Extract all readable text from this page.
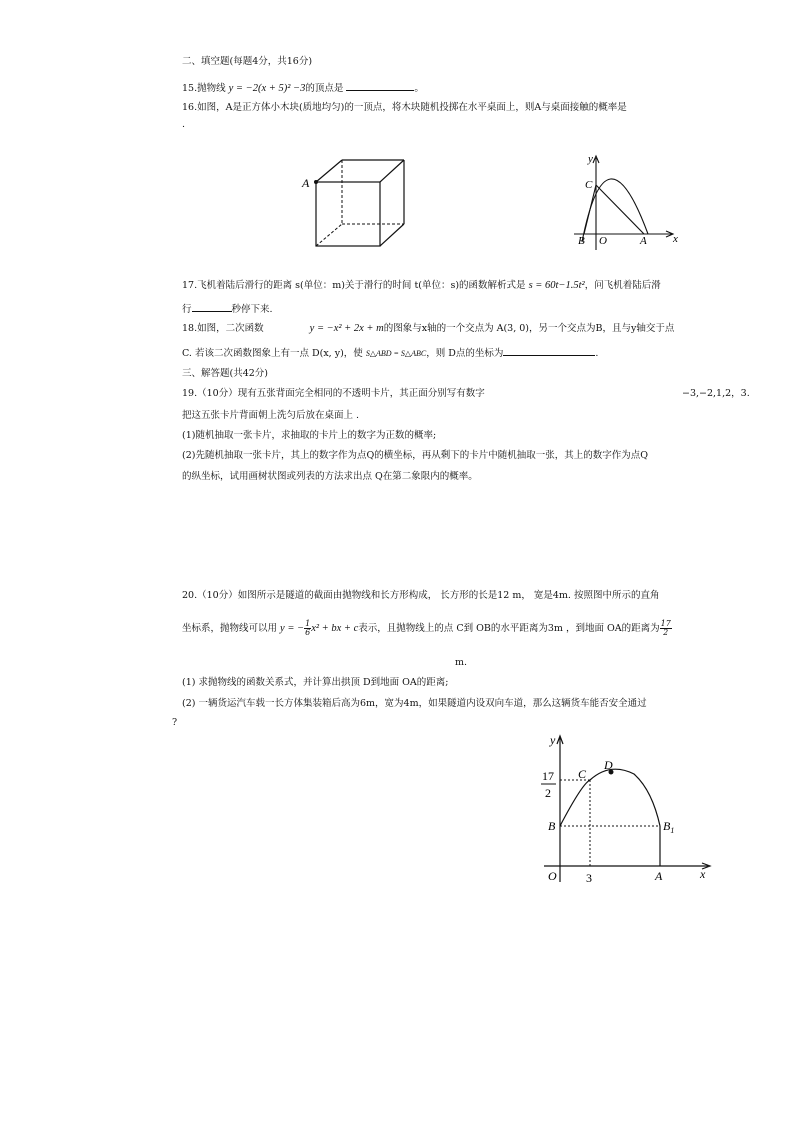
二、填空题(每题4分，共16分)
15.抛物线 y = −2(x + 5)² −3的顶点是	。
16.如图，A是正方体小木块(质地均匀)的一顶点，将木块随机投掷在水平桌面上，则A与桌面接触的概率是
.
A
y
C
B O	A x
17.飞机着陆后滑行的距离 s(单位：m)关于滑行的时间 t(单位：s)的函数解析式是 s = 60t−1.5t²，问飞机着陆后滑
行	秒停下来.
18.如图，二次函数	y = −x² + 2x + m的图象与x轴的一个交点为 A(3, 0)，另一个交点为B，且与y轴交于点
C. 若该二次函数图象上有一点 D(x, y)，使 S△ABD = S△ABC，则 D点的坐标为	.
三、解答题(共42分)
19.（10分）现有五张背面完全相同的不透明卡片，其正面分别写有数字	−3,−2,1,2，3.
把这五张卡片背面朝上洗匀后放在桌面上 .
(1)随机抽取一张卡片，求抽取的卡片上的数字为正数的概率;
(2)先随机抽取一张卡片，其上的数字作为点Q的横坐标，再从剩下的卡片中随机抽取一张，其上的数字作为点Q
的纵坐标，试用画树状图或列表的方法求出点 Q在第二象限内的概率。
20.（10分）如图所示是隧道的截面由抛物线和长方形构成， 长方形的长是12 m， 宽是4m. 按照图中所示的直角
坐标系，抛物线可以用 y = − $\frac{1}{6} x^2$ + bx + c表示，且抛物线上的点 C到 OB的水平距离为3m ，到地面 OA的距离为 $\frac{17}{2}$
m.
(1) 求抛物线的函数关系式，并计算出拱顶 D到地面 OA的距离;
(2) 一辆货运汽车载一长方体集装箱后高为6m，宽为4m，如果隧道内设双向车道，那么这辆货车能否安全通过
?
y
17
2
C
D
B	$B_1$
O 3	A	x
